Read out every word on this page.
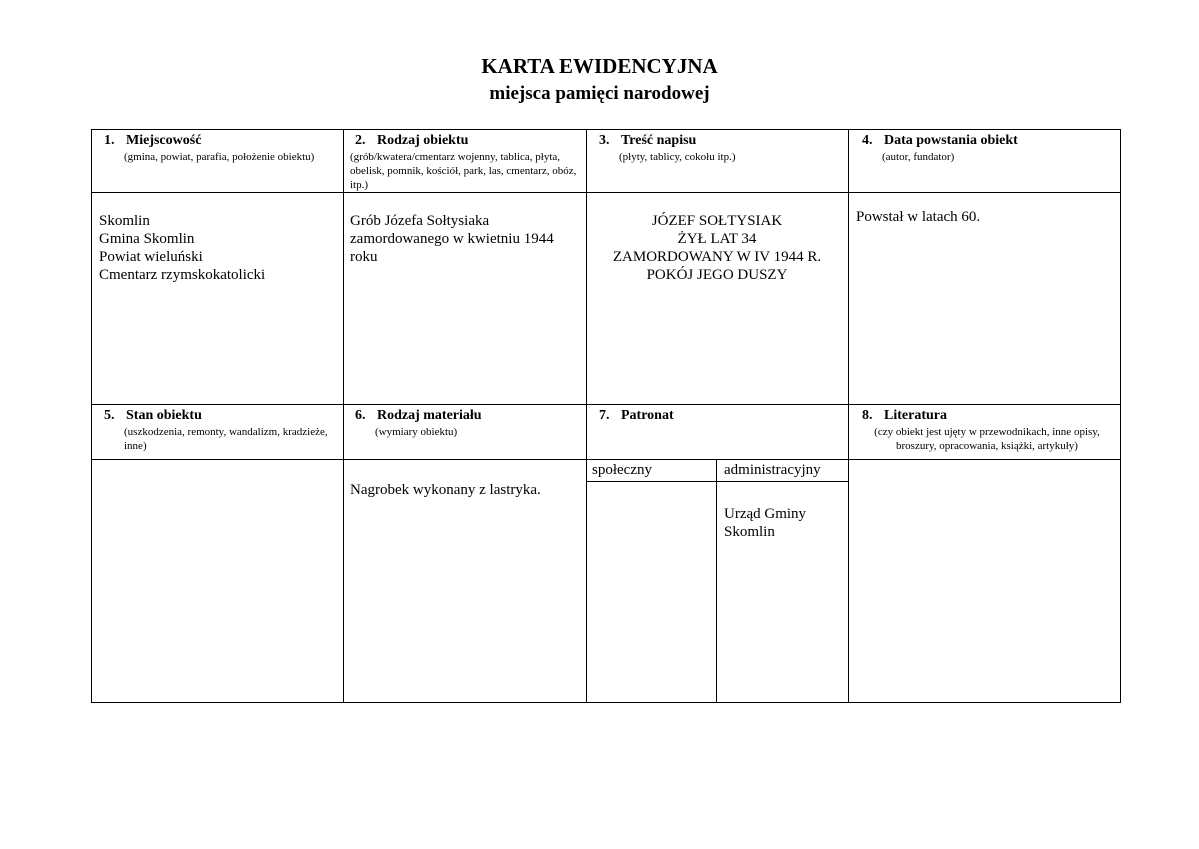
KARTA EWIDENCYJNA
miejsca pamięci narodowej
1. Miejscowość
(gmina, powiat, parafia, położenie obiektu)
2. Rodzaj obiektu
(grób/kwatera/cmentarz wojenny, tablica, płyta, obelisk, pomnik, kościół, park, las, cmentarz, obóz, itp.)
3. Treść napisu
(płyty, tablicy, cokołu itp.)
4. Data powstania obiekt
(autor, fundator)
Skomlin
Gmina Skomlin
Powiat wieluński
Cmentarz rzymskokatolicki
Grób Józefa Sołtysiaka zamordowanego w kwietniu 1944 roku
JÓZEF SOŁTYSIAK
ŻYŁ LAT 34
ZAMORDOWANY W IV 1944 R.
POKÓJ JEGO DUSZY
Powstał w latach 60.
5. Stan obiektu
(uszkodzenia, remonty, wandalizm, kradzieże, inne)
6. Rodzaj materiału
(wymiary obiektu)
7. Patronat	8. Literatura
(czy obiekt jest ujęty w przewodnikach, inne opisy, broszury, opracowania, książki, artykuły)
Nagrobek wykonany z lastryka.
społeczny	administracyjny
Urząd Gminy
Skomlin
